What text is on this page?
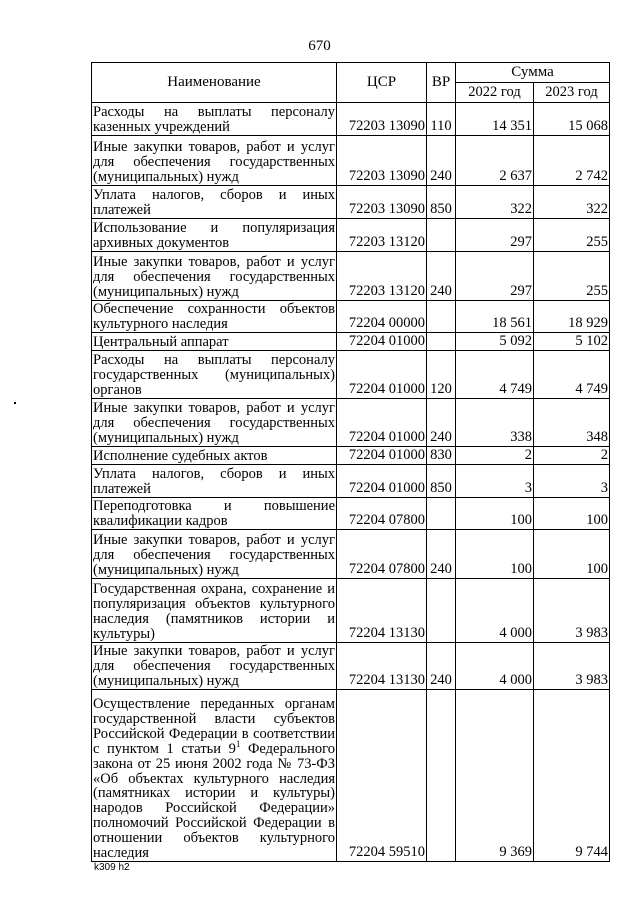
670
Наименование	ЦСР	ВР	Сумма	
			2022 год	2023 год
Расходы на выплаты персоналу казенных учреждений	72203 13090	110	14 351	15 068
Иные закупки товаров, работ и услуг для обеспечения государственных (муниципальных) нужд	72203 13090	240	2 637	2 742
Уплата налогов, сборов и иных платежей	72203 13090	850	322	322
Использование и популяризация архивных документов	72203 13120		297	255
Иные закупки товаров, работ и услуг для обеспечения государственных (муниципальных) нужд	72203 13120	240	297	255
Обеспечение сохранности объектов культурного наследия	72204 00000		18 561	18 929
Центральный аппарат	72204 01000		5 092	5 102
Расходы на выплаты персоналу государственных (муниципальных) органов	72204 01000	120	4 749	4 749
Иные закупки товаров, работ и услуг для обеспечения государственных (муниципальных) нужд	72204 01000	240	338	348
Исполнение судебных актов	72204 01000	830	2	2
Уплата налогов, сборов и иных платежей	72204 01000	850	3	3
Переподготовка и повышение квалификации кадров	72204 07800		100	100
Иные закупки товаров, работ и услуг для обеспечения государственных (муниципальных) нужд	72204 07800	240	100	100
Государственная охрана, сохранение и популяризация объектов культурного наследия (памятников истории и культуры)	72204 13130		4 000	3 983
Иные закупки товаров, работ и услуг для обеспечения государственных (муниципальных) нужд	72204 13130	240	4 000	3 983
Осуществление переданных органам государственной власти субъектов Российской Федерации в соответствии с пунктом 1 статьи $9^1$ Федерального закона от 25 июня 2002 года № 73-ФЗ «Об объектах культурного наследия (памятниках истории и культуры) народов Российской Федерации» полномочий Российской Федерации в отношении объектов культурного наследия	72204 59510		9 369	9 744
k309 h2
